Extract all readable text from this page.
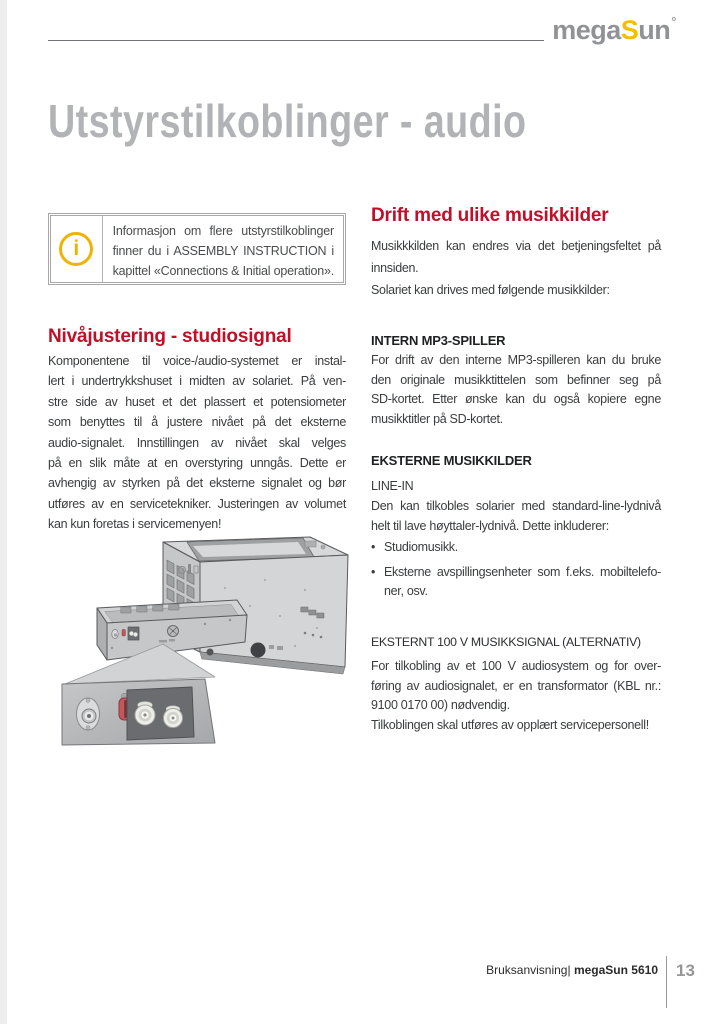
megaSun°
Utstyrstilkoblinger - audio
i
Informasjon om flere utstyrstilkoblinger
finner du i ASSEMBLY INSTRUCTION i
kapittel «Connections & Initial operation».
Nivåjustering - studiosignal
Komponentene til voice-/audio-systemet er instal-
lert i undertrykkshuset i midten av solariet. På ven-
stre side av huset et det plassert et potensiometer
som benyttes til å justere nivået på det eksterne
audio-signalet. Innstillingen av nivået skal velges
på en slik måte at en overstyring unngås. Dette er
avhengig av styrken på det eksterne signalet og bør
utføres av en servicetekniker. Justeringen av volumet
kan kun foretas i servicemenyen!
Drift med ulike musikkilder
Musikkkilden kan endres via det betjeningsfeltet på
innsiden.
Solariet kan drives med følgende musikkilder:
INTERN MP3-SPILLER
For drift av den interne MP3-spilleren kan du bruke
den originale musikktittelen som befinner seg på
SD-kortet. Etter ønske kan du også kopiere egne
musikktitler på SD-kortet.
EKSTERNE MUSIKKILDER
LINE-IN
Den kan tilkobles solarier med standard-line-lydnivå
helt til lave høyttaler-lydnivå. Dette inkluderer:
• Studiomusikk.
• Eksterne avspillingsenheter som f.eks. mobiltelefo-
ner, osv.
EKSTERNT 100 V MUSIKKSIGNAL (ALTERNATIV)
For tilkobling av et 100 V audiosystem og for over-
føring av audiosignalet, er en transformator (KBL nr.:
9100 0170 00) nødvendig.
Tilkoblingen skal utføres av opplært servicepersonell!
Bruksanvisning| megaSun 5610 13
